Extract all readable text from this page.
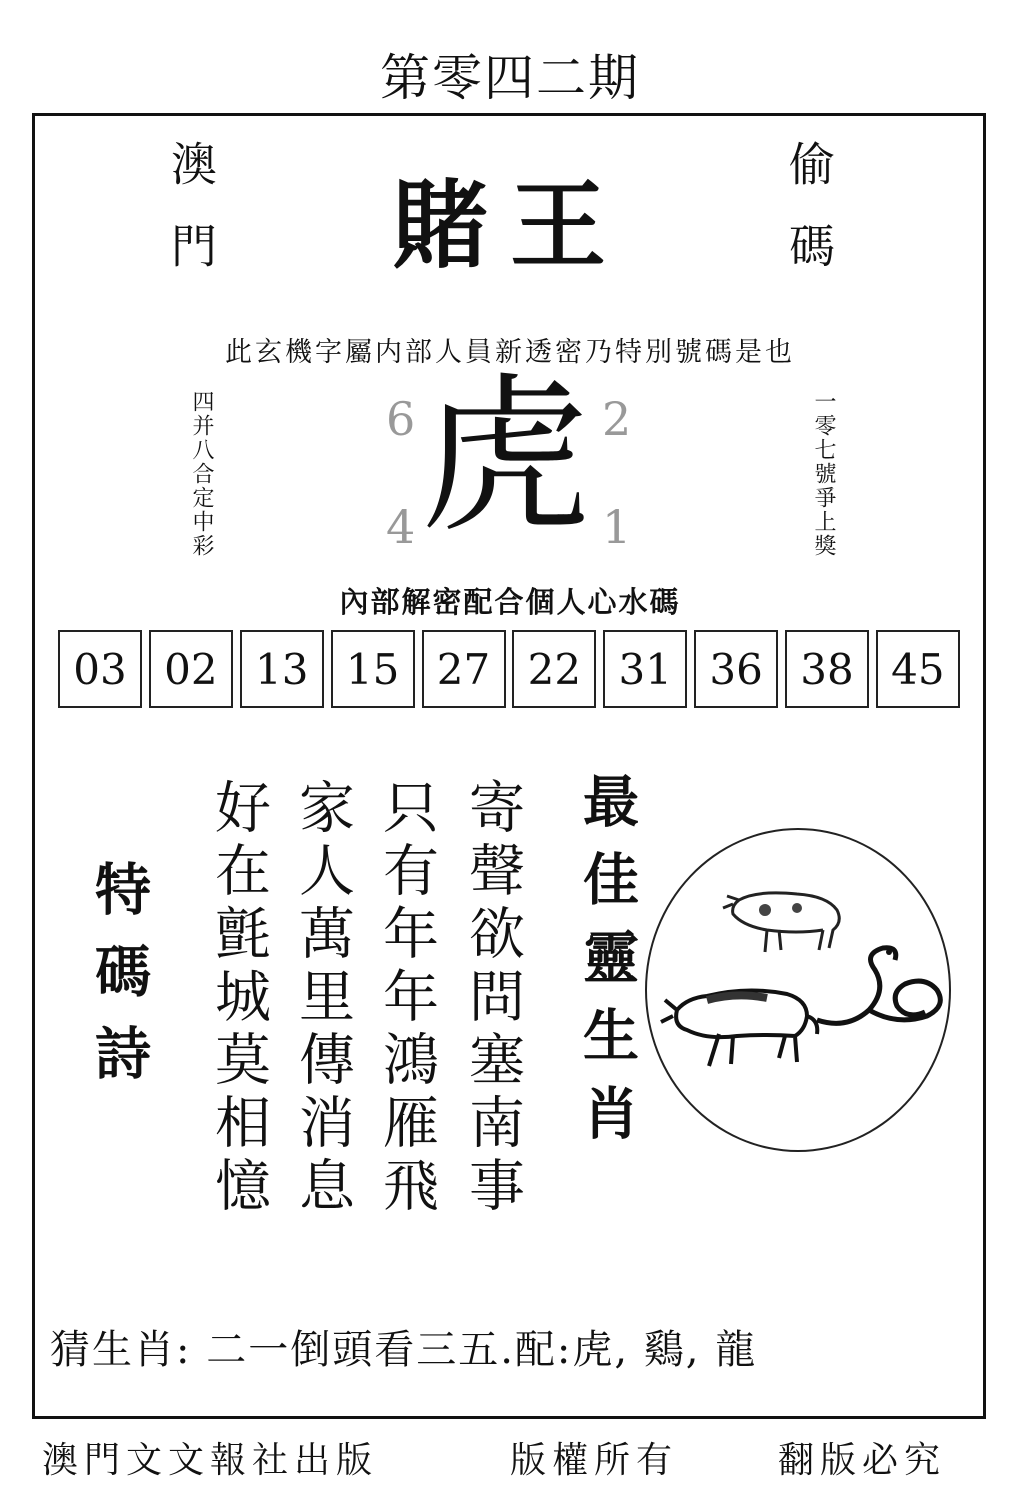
第零四二期
澳門	偷碼
賭王
此玄機字屬内部人員新透密乃特別號碼是也
四并八合定中彩	一零七號爭上獎
6	2
4	1
虎
內部解密配合個人心水碼
03 02 13 15 27 22 31 36 38 45
特碼詩	寄聲欲問塞南事
只有年年鴻雁飛
家人萬里傳消息
好在氈城莫相憶	最佳靈生肖
猜生肖: 二一倒頭看三五.配:虎, 鷄, 龍
澳門文文報社出版	版權所有	翻版必究
